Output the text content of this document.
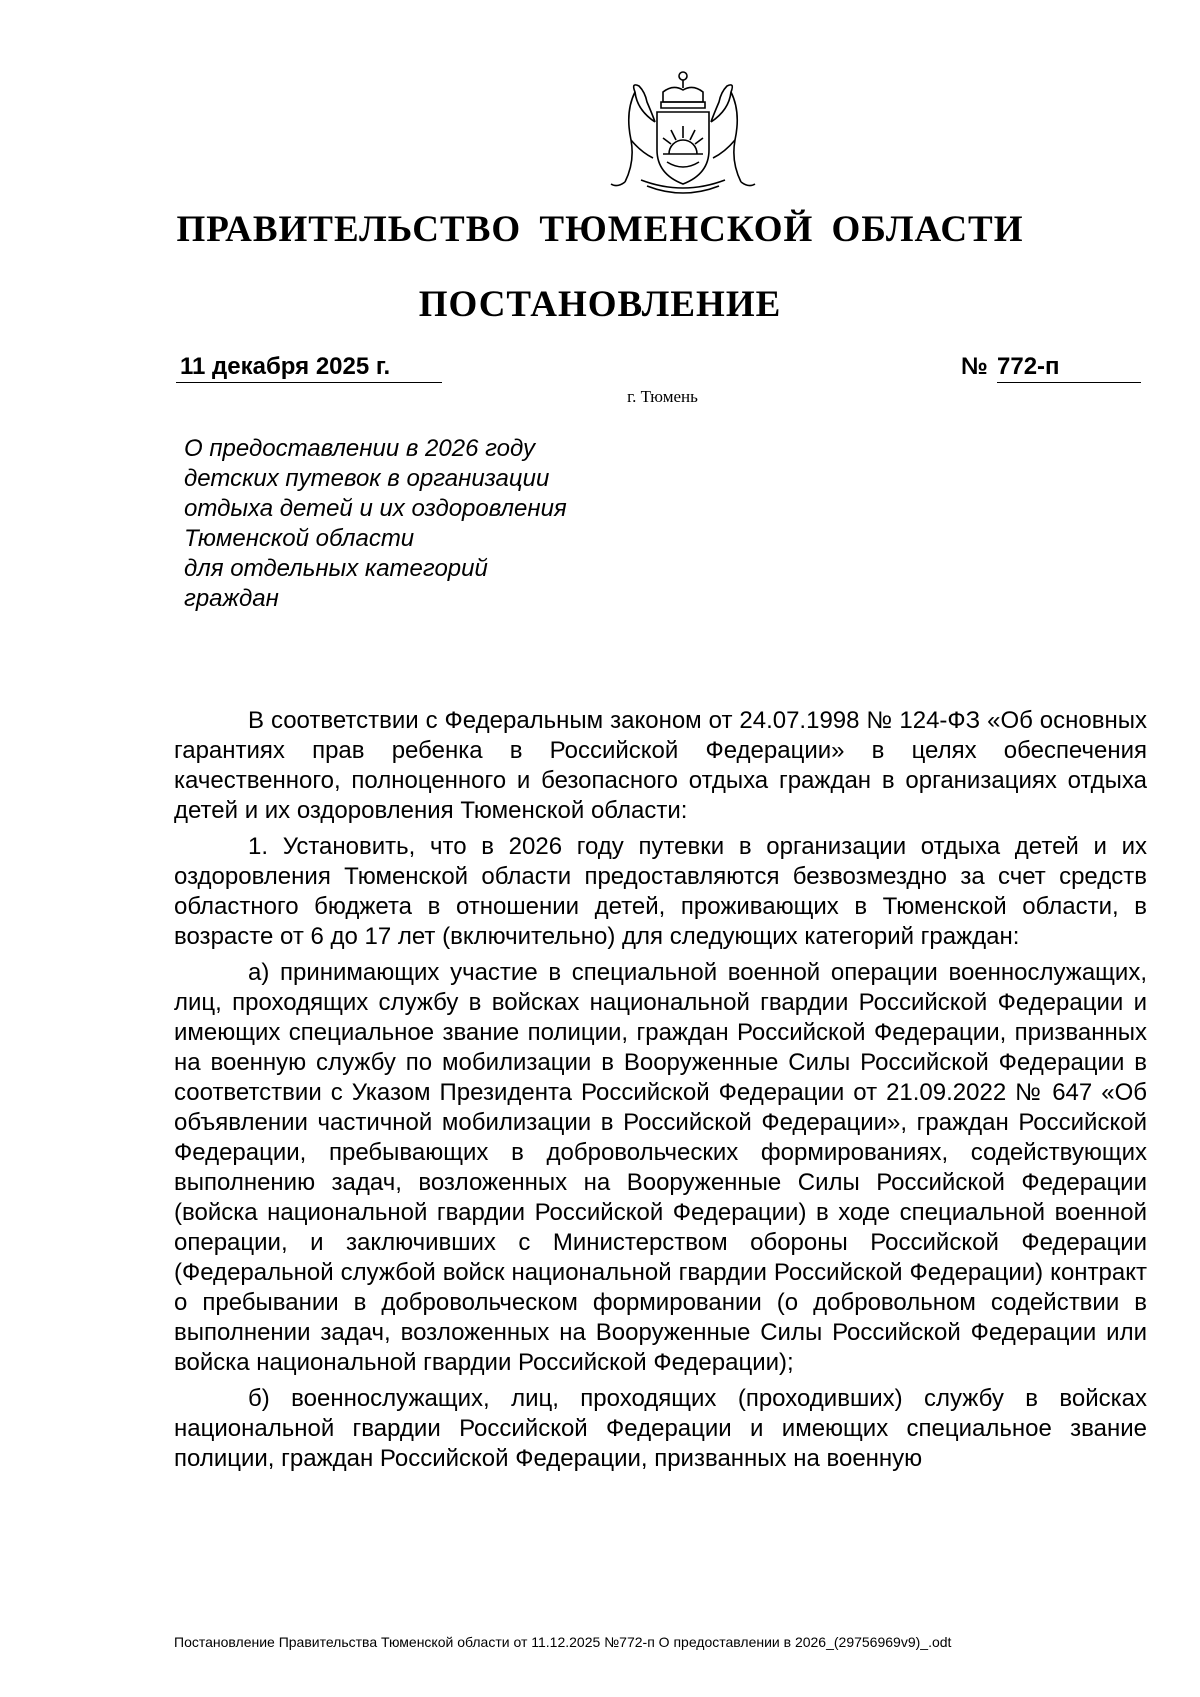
ПРАВИТЕЛЬСТВО ТЮМЕНСКОЙ ОБЛАСТИ
ПОСТАНОВЛЕНИЕ
11 декабря 2025 г.	№ 772-п
г. Тюмень
О предоставлении в 2026 году
детских путевок в организации
отдыха детей и их оздоровления
Тюменской области
для отдельных категорий
граждан

В соответствии с Федеральным законом от 24.07.1998 № 124-ФЗ «Об основных гарантиях прав ребенка в Российской Федерации» в целях обеспечения качественного, полноценного и безопасного отдыха граждан в организациях отдыха детей и их оздоровления Тюменской области:

1. Установить, что в 2026 году путевки в организации отдыха детей и их оздоровления Тюменской области предоставляются безвозмездно за счет средств областного бюджета в отношении детей, проживающих в Тюменской области, в возрасте от 6 до 17 лет (включительно) для следующих категорий граждан:

а) принимающих участие в специальной военной операции военнослужащих, лиц, проходящих службу в войсках национальной гвардии Российской Федерации и имеющих специальное звание полиции, граждан Российской Федерации, призванных на военную службу по мобилизации в Вооруженные Силы Российской Федерации в соответствии с Указом Президента Российской Федерации от 21.09.2022 № 647 «Об объявлении частичной мобилизации в Российской Федерации», граждан Российской Федерации, пребывающих в добровольческих формированиях, содействующих выполнению задач, возложенных на Вооруженные Силы Российской Федерации (войска национальной гвардии Российской Федерации) в ходе специальной военной операции, и заключивших с Министерством обороны Российской Федерации (Федеральной службой войск национальной гвардии Российской Федерации) контракт о пребывании в добровольческом формировании (о добровольном содействии в выполнении задач, возложенных на Вооруженные Силы Российской Федерации или войска национальной гвардии Российской Федерации);

б) военнослужащих, лиц, проходящих (проходивших) службу в войсках национальной гвардии Российской Федерации и имеющих специальное звание полиции, граждан Российской Федерации, призванных на военную

Постановление Правительства Тюменской области от 11.12.2025 №772-п О предоставлении в 2026_(29756969v9)_.odt
